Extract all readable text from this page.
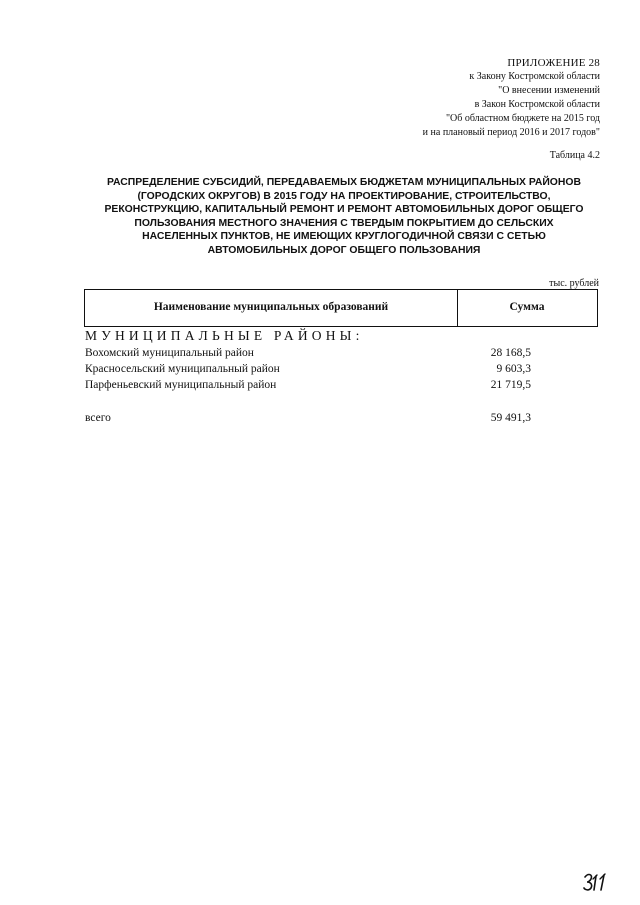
ПРИЛОЖЕНИЕ 28
к Закону Костромской области
"О внесении изменений
в Закон Костромской области
"Об областном бюджете на 2015 год
и на плановый период 2016 и 2017 годов"
Таблица 4.2
РАСПРЕДЕЛЕНИЕ СУБСИДИЙ, ПЕРЕДАВАЕМЫХ БЮДЖЕТАМ МУНИЦИПАЛЬНЫХ РАЙОНОВ
(ГОРОДСКИХ ОКРУГОВ) В 2015 ГОДУ НА ПРОЕКТИРОВАНИЕ, СТРОИТЕЛЬСТВО,
РЕКОНСТРУКЦИЮ, КАПИТАЛЬНЫЙ РЕМОНТ И РЕМОНТ АВТОМОБИЛЬНЫХ ДОРОГ ОБЩЕГО
ПОЛЬЗОВАНИЯ МЕСТНОГО ЗНАЧЕНИЯ С ТВЕРДЫМ ПОКРЫТИЕМ ДО СЕЛЬСКИХ
НАСЕЛЕННЫХ ПУНКТОВ, НЕ ИМЕЮЩИХ КРУГЛОГОДИЧНОЙ СВЯЗИ С СЕТЬЮ
АВТОМОБИЛЬНЫХ ДОРОГ ОБЩЕГО ПОЛЬЗОВАНИЯ
тыс. рублей
Наименование муниципальных образований	Сумма
МУНИЦИПАЛЬНЫЕ РАЙОНЫ:
Вохомский муниципальный район	28 168,5
Красносельский муниципальный район	9 603,3
Парфеньевский муниципальный район	21 719,5
всего	59 491,3
